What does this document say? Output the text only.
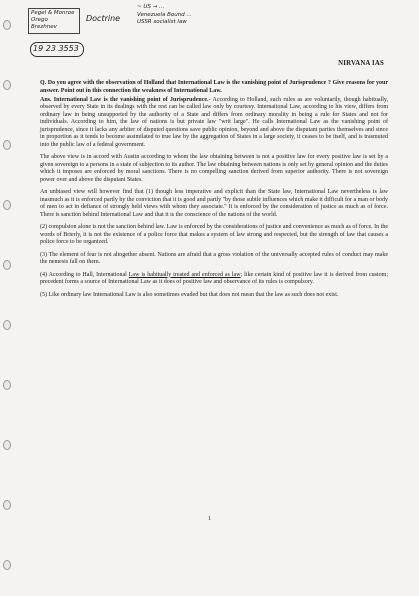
Pegel & Monroe
Orego
Brezhnev
Doctrine
~ US → ...
Venezuela Bound ...
USSR socialist law
19 23 3553
NIRVANA IAS

Q. Do you agree with the observation of Holland that International Law is the vanishing point of Jurisprudence ? Give reasons for your answer. Point out in this connection the weakness of International Law.

Ans. International Law is the vanishing point of Jurisprudence.- According to Holland, such rules as are voluntarily, though habitually, observed by every State in its dealings with the rest can be called law only by courtesy. International Law, according to his view, differs from ordinary law in being unsupported by the authority of a State and differs from ordinary morality in being a rule for States and not for individuals. According to him, the law of nations is but private law "writ large". He calls International Law as the vanishing point of jurisprudence, since it lacks any arbiter of disputed questions save public opinion, beyond and above the disputant parties themselves and since in proportion as it tends to become assimilated to true law by the aggregation of States in a large society, it ceases to be itself, and is trasmuted into the public law of a federal government.

The above view is in accord with Austin according to whom the law obtaining between is not a positive law for every positive law is set by a given sovereign to a persons in a state of subjection to its author. The law obtaining between nations is only set by general opinion and the duties which it imposes are enforced by moral sanctions. There is no compelling sanction derived from superior authority. There is not sovereign power over and above the disputant States.

An unbiased view will however find that (1) though less imperative and explicit than the State law, International Law nevertheless is law inasmuch as it is enforced partly by the conviction that it is good and partly "by those subtle influences which make it difficult for a man or body of men to act in defiance of strongly held views with whom they associate." It is enforced by the consideration of justice as much as of force. There is sanction behind International Law and that it is the conscience of the nations of the world.

(2) compulsion alone is not the sanction behind law. Law is enforced by the considerations of justice and convenience as much as of force. In the words of Brierly, it is not the existence of a police force that makes a system of law strong and respected, but the strength of law that causes a police force to be organized.

(3) The element of fear is not altogether absent. Nations are afraid that a gross violation of the universally accepted rules of conduct may make the nemesis fall on them.

(4) According to Hall, International Law is habitually treated and enforced as law; like certain kind of positive law it is derived from custom; precedent forms a source of International Law as it does of positive law and observance of its rules is compulsory.

(5) Like ordinary law International Law is also sometimes evaded but that does not mean that the law as such does not exist.

1
